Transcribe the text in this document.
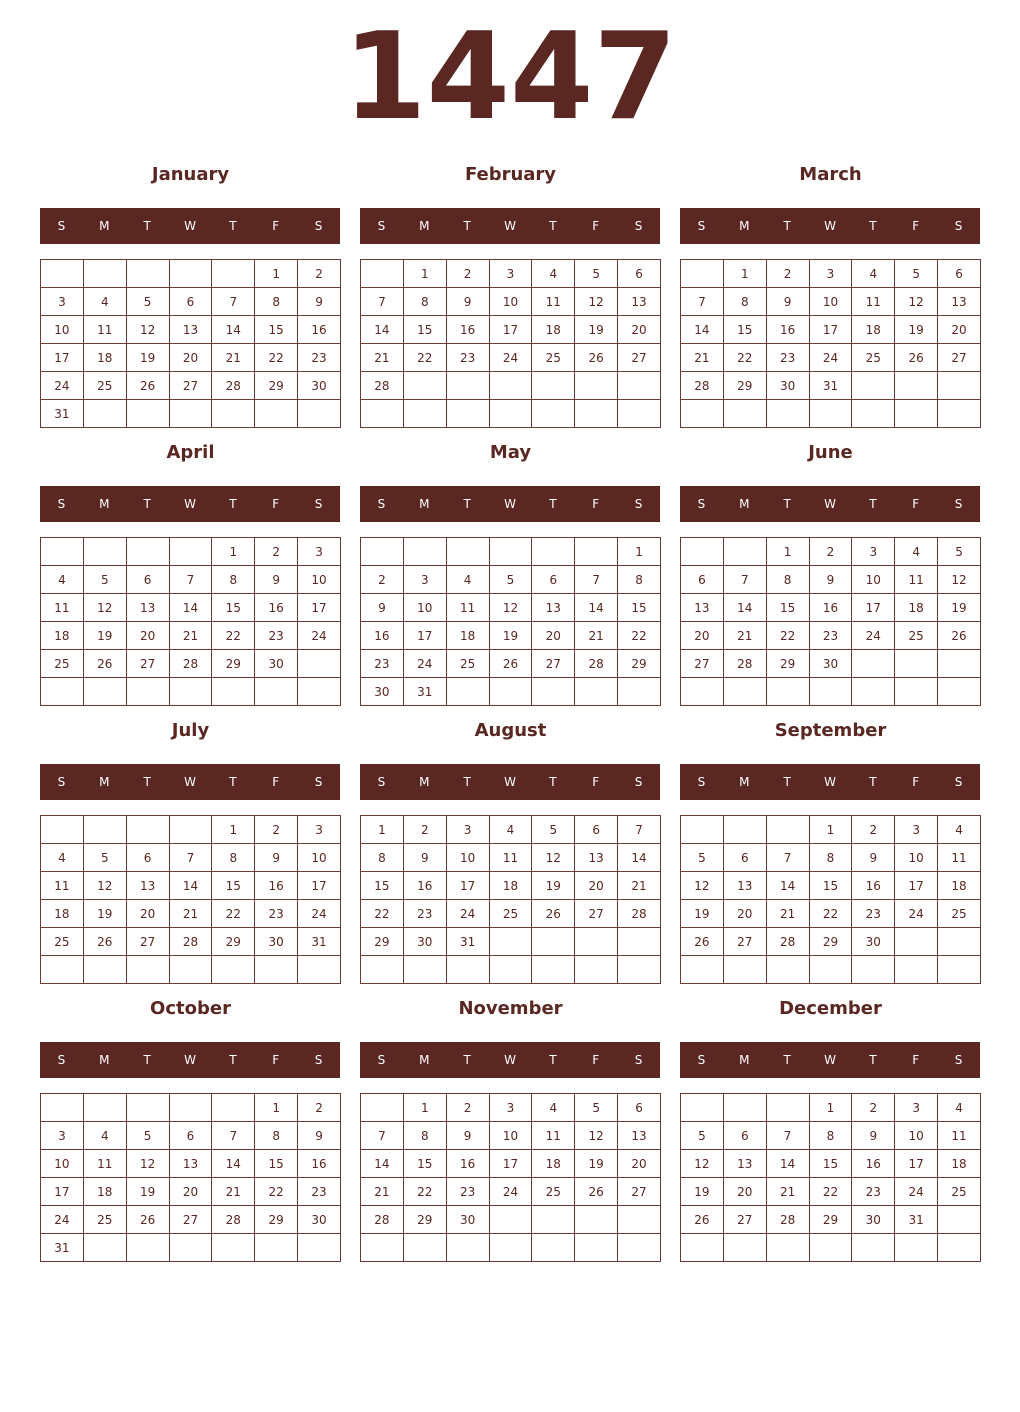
1447
January
S	M	T	W	T	F	S
					1	2
3	4	5	6	7	8	9
10	11	12	13	14	15	16
17	18	19	20	21	22	23
24	25	26	27	28	29	30
31						
February
S	M	T	W	T	F	S
	1	2	3	4	5	6
7	8	9	10	11	12	13
14	15	16	17	18	19	20
21	22	23	24	25	26	27
28						

March
S	M	T	W	T	F	S
	1	2	3	4	5	6
7	8	9	10	11	12	13
14	15	16	17	18	19	20
21	22	23	24	25	26	27
28	29	30	31			

April
S	M	T	W	T	F	S
				1	2	3
4	5	6	7	8	9	10
11	12	13	14	15	16	17
18	19	20	21	22	23	24
25	26	27	28	29	30	

May
S	M	T	W	T	F	S
						1
2	3	4	5	6	7	8
9	10	11	12	13	14	15
16	17	18	19	20	21	22
23	24	25	26	27	28	29
30	31					
June
S	M	T	W	T	F	S
		1	2	3	4	5
6	7	8	9	10	11	12
13	14	15	16	17	18	19
20	21	22	23	24	25	26
27	28	29	30			

July
S	M	T	W	T	F	S
				1	2	3
4	5	6	7	8	9	10
11	12	13	14	15	16	17
18	19	20	21	22	23	24
25	26	27	28	29	30	31

August
S	M	T	W	T	F	S
1	2	3	4	5	6	7
8	9	10	11	12	13	14
15	16	17	18	19	20	21
22	23	24	25	26	27	28
29	30	31				

September
S	M	T	W	T	F	S
			1	2	3	4
5	6	7	8	9	10	11
12	13	14	15	16	17	18
19	20	21	22	23	24	25
26	27	28	29	30		

October
S	M	T	W	T	F	S
					1	2
3	4	5	6	7	8	9
10	11	12	13	14	15	16
17	18	19	20	21	22	23
24	25	26	27	28	29	30
31						
November
S	M	T	W	T	F	S
	1	2	3	4	5	6
7	8	9	10	11	12	13
14	15	16	17	18	19	20
21	22	23	24	25	26	27
28	29	30				

December
S	M	T	W	T	F	S
			1	2	3	4
5	6	7	8	9	10	11
12	13	14	15	16	17	18
19	20	21	22	23	24	25
26	27	28	29	30	31	
